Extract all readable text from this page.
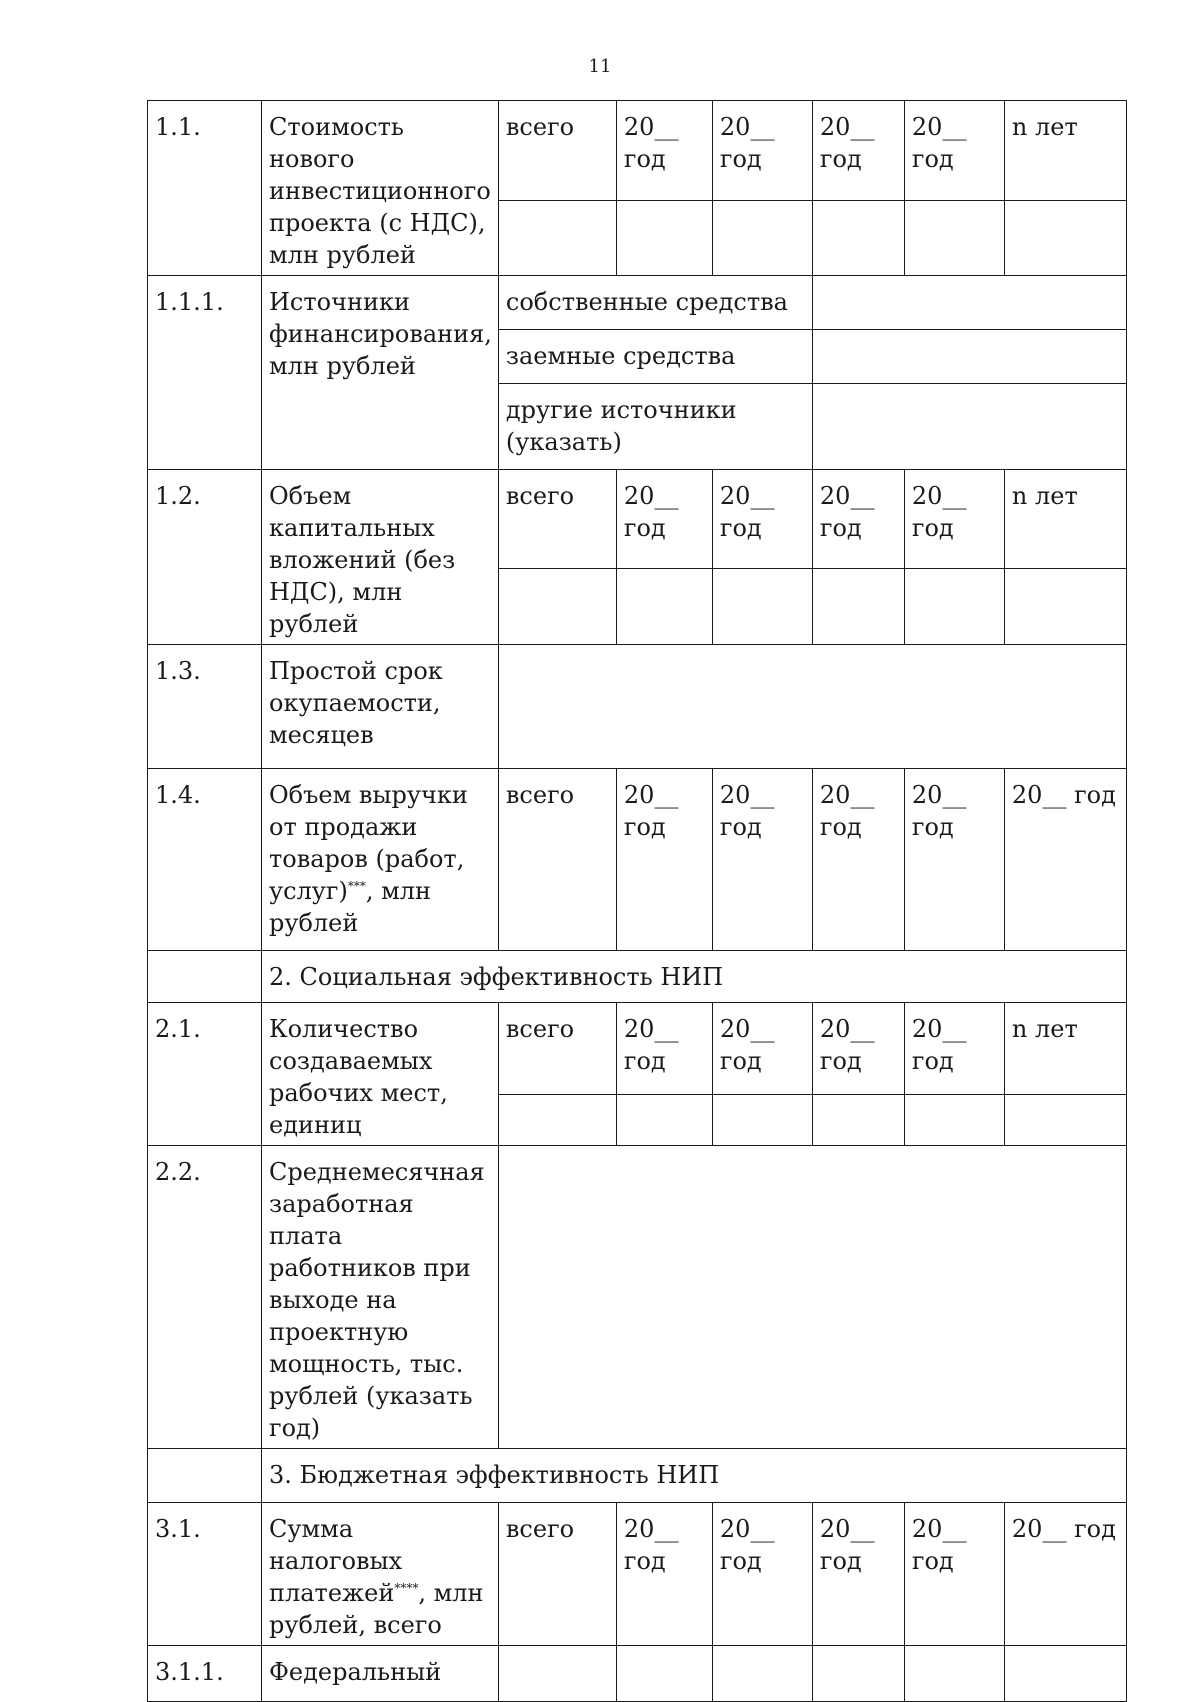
11
1.1.	Стоимость нового инвестиционного проекта (с НДС), млн рублей	всего	20__ год	20__ год	20__ год	20__ год	n лет

1.1.1.	Источники финансирования, млн рублей	собственные средства					
		заемные средства					
		другие источники (указать)					
1.2.	Объем капитальных вложений (без НДС), млн рублей	всего	20__ год	20__ год	20__ год	20__ год	n лет

1.3.	Простой срок окупаемости, месяцев						
1.4.	Объем выручки от продажи товаров (работ, услуг)***, млн рублей	всего	20__ год	20__ год	20__ год	20__ год	20__ год
	2. Социальная эффективность НИП						
2.1.	Количество создаваемых рабочих мест, единиц	всего	20__ год	20__ год	20__ год	20__ год	n лет

2.2.	Среднемесячная заработная плата работников при выходе на проектную мощность, тыс. рублей (указать год)						
	3. Бюджетная эффективность НИП						
3.1.	Сумма налоговых платежей****, млн рублей, всего	всего	20__ год	20__ год	20__ год	20__ год	20__ год
3.1.1.	Федеральный						
